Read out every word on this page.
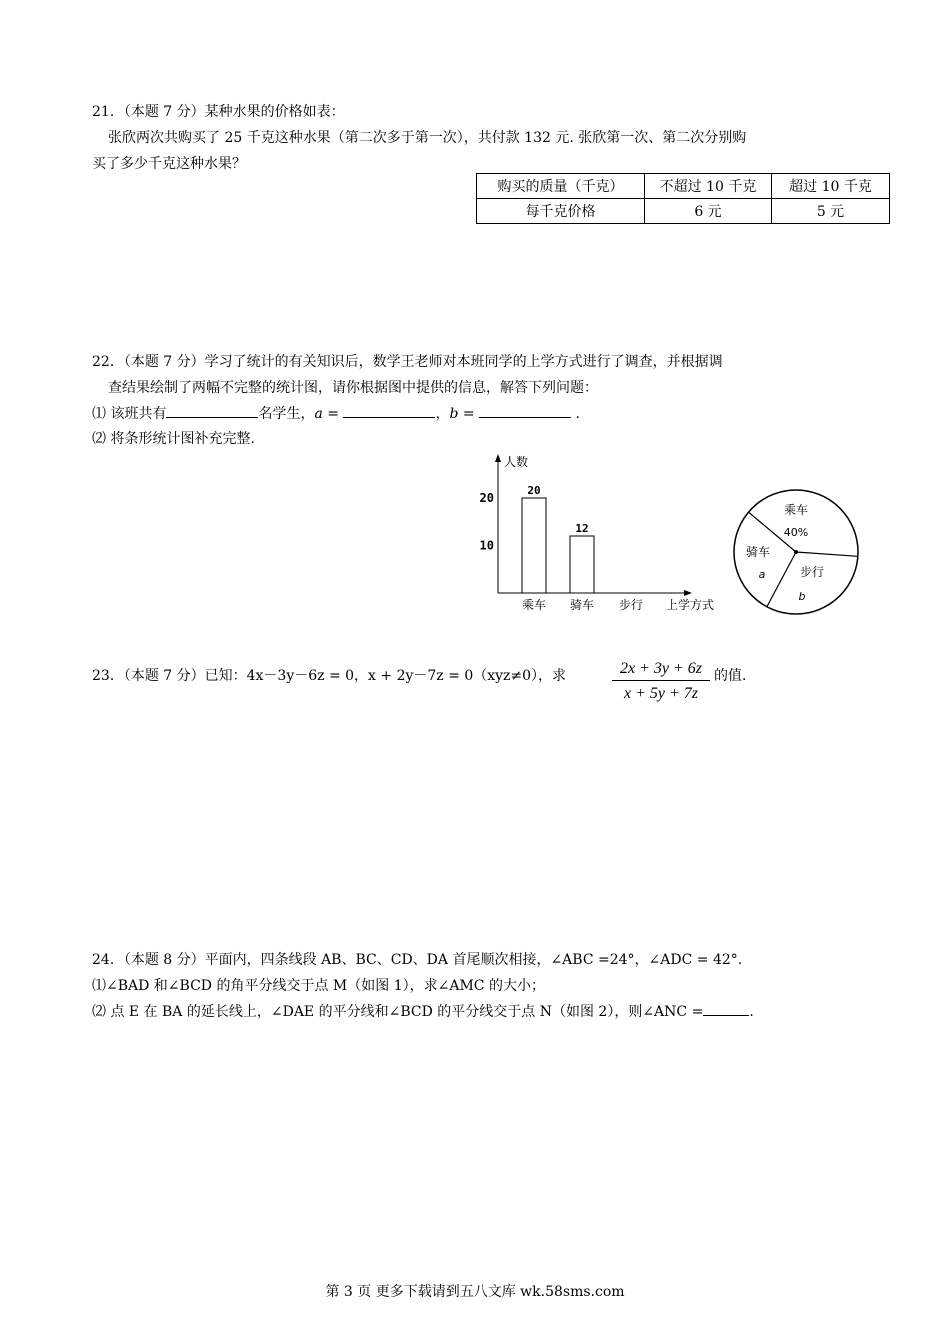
21．（本题 7 分）某种水果的价格如表：
张欣两次共购买了 25 千克这种水果（第二次多于第一次），共付款 132 元. 张欣第一次、第二次分别购
买了多少千克这种水果？
购买的质量（千克）	不超过 10 千克	超过 10 千克
每千克价格	6 元	5 元
22．（本题 7 分）学习了统计的有关知识后，数学王老师对本班同学的上学方式进行了调查，并根据调
查结果绘制了两幅不完整的统计图，请你根据图中提供的信息，解答下列问题：
⑴ 该班共有	名学生，a =	，b =	.
⑵ 将条形统计图补充完整.
人数
10
20
20
乘车
12
骑车 步行 上学方式
乘车
40%
骑车
a	步行
b
23．（本题 7 分）已知：4x－3y－6z = 0，x + 2y－7z = 0（xyz≠0），求	$\frac{2x + 3y + 6z}{x + 5y + 7z}$ 的值.
24．（本题 8 分）平面内，四条线段 AB、BC、CD、DA 首尾顺次相接，∠ABC =24°，∠ADC = 42°.
⑴∠BAD 和∠BCD 的角平分线交于点 M（如图 1），求∠AMC 的大小；
⑵ 点 E 在 BA 的延长线上，∠DAE 的平分线和∠BCD 的平分线交于点 N（如图 2），则∠ANC =	.
第 3 页 更多下载请到五八文库 wk.58sms.com
